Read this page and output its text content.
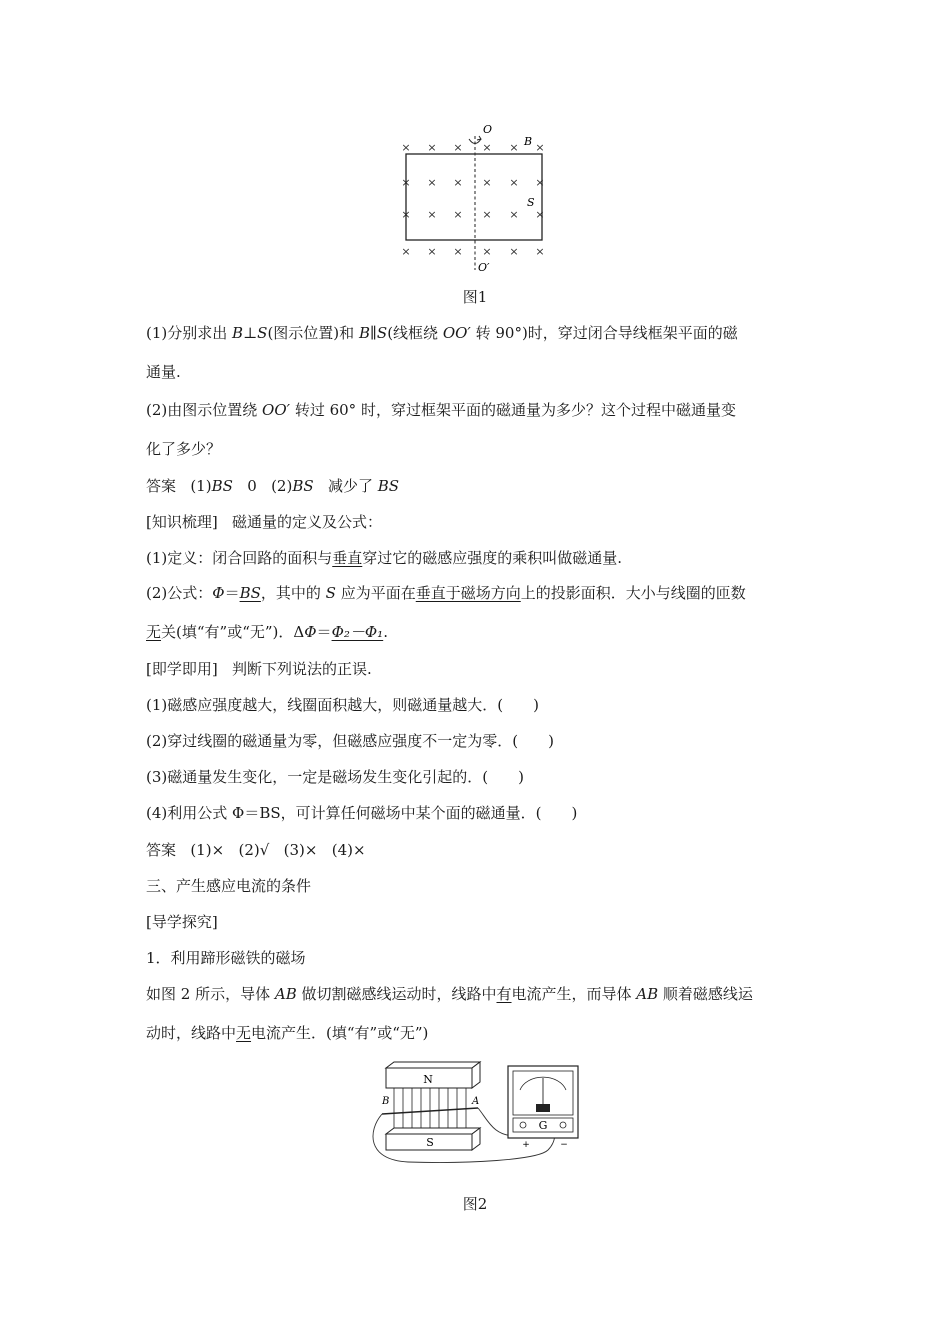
× × × × × ×
× × × × × ×
× × × × × ×
× × × × × ×
O
O′
B
S
图1
(1)分别求出 B⊥S(图示位置)和 B∥S(线框绕 OO′ 转 90°)时，穿过闭合导线框架平面的磁
通量.
(2)由图示位置绕 OO′ 转过 60° 时，穿过框架平面的磁通量为多少？这个过程中磁通量变
化了多少？
答案 (1)BS 0 (2)BS 减少了 BS
[知识梳理] 磁通量的定义及公式：
(1)定义：闭合回路的面积与垂直穿过它的磁感应强度的乘积叫做磁通量.
(2)公式：Φ＝BS，其中的 S 应为平面在垂直于磁场方向上的投影面积．大小与线圈的匝数
无关(填“有”或“无”)．ΔΦ＝Φ₂－Φ₁.
[即学即用] 判断下列说法的正误.
(1)磁感应强度越大，线圈面积越大，则磁通量越大．( )
(2)穿过线圈的磁通量为零，但磁感应强度不一定为零．( )
(3)磁通量发生变化，一定是磁场发生变化引起的．( )
(4)利用公式 Φ＝BS，可计算任何磁场中某个面的磁通量．( )
答案 (1)× (2)√ (3)× (4)×
三、产生感应电流的条件
[导学探究]
1．利用蹄形磁铁的磁场
如图 2 所示，导体 AB 做切割磁感线运动时，线路中有电流产生，而导体 AB 顺着磁感线运
动时，线路中无电流产生．(填“有”或“无”)
N
B	A
S
G
+	−
图2
